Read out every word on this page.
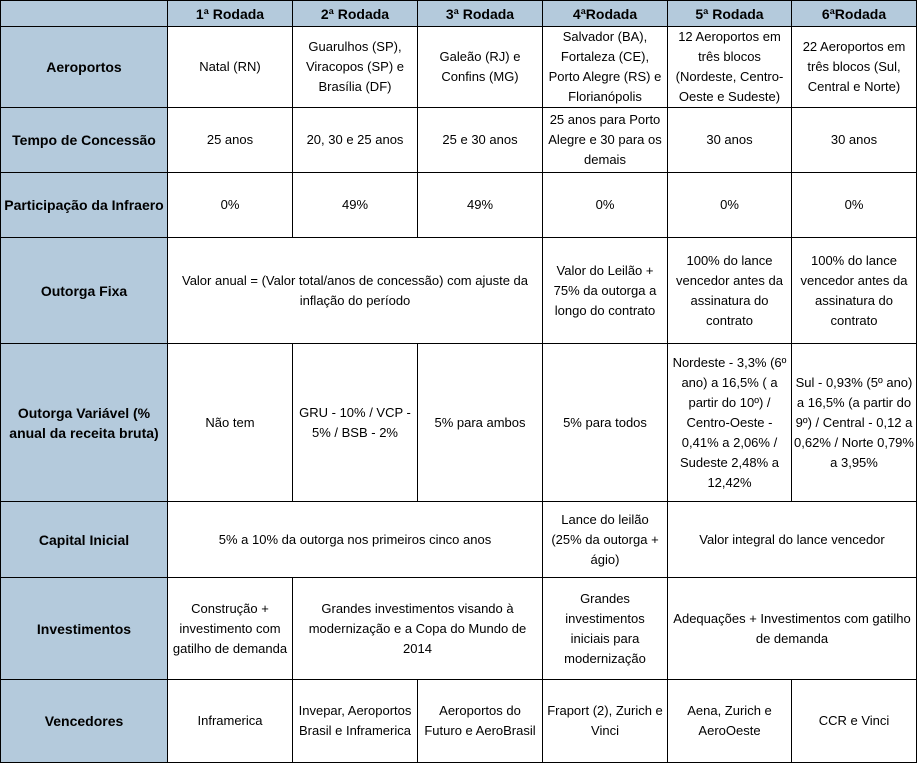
	1ª Rodada	2ª Rodada	3ª Rodada	4ªRodada	5ª Rodada	6ªRodada
Aeroportos	Natal (RN)	Guarulhos (SP), Viracopos (SP) e Brasília (DF)	Galeão (RJ) e Confins (MG)	Salvador (BA), Fortaleza (CE), Porto Alegre (RS) e Florianópolis	12 Aeroportos em três blocos (Nordeste, Centro-Oeste e Sudeste)	22 Aeroportos em três blocos (Sul, Central e Norte)
Tempo de Concessão	25 anos	20, 30 e 25 anos	25 e 30 anos	25 anos para Porto Alegre e 30 para os demais	30 anos	30 anos
Participação da Infraero	0%	49%	49%	0%	0%	0%
Outorga Fixa	Valor anual = (Valor total/anos de concessão) com ajuste da inflação do período			Valor do Leilão + 75% da outorga a longo do contrato	100% do lance vencedor antes da assinatura do contrato	100% do lance vencedor antes da assinatura do contrato
Outorga Variável (% anual da receita bruta)	Não tem	GRU - 10% / VCP - 5% / BSB - 2%	5% para ambos	5% para todos	Nordeste - 3,3% (6º ano) a 16,5% ( a partir do 10º) / Centro-Oeste - 0,41% a 2,06% / Sudeste 2,48% a 12,42%	Sul - 0,93% (5º ano) a 16,5% (a partir do 9º) / Central - 0,12 a 0,62% / Norte 0,79% a 3,95%
Capital Inicial	5% a 10% da outorga nos primeiros cinco anos			Lance do leilão (25% da outorga + ágio)	Valor integral do lance vencedor	
Investimentos	Construção + investimento com gatilho de demanda	Grandes investimentos visando à modernização e a Copa do Mundo de 2014		Grandes investimentos iniciais para modernização	Adequações + Investimentos com gatilho de demanda	
Vencedores	Inframerica	Invepar, Aeroportos Brasil e Inframerica	Aeroportos do Futuro e AeroBrasil	Fraport (2), Zurich e Vinci	Aena, Zurich e AeroOeste	CCR e Vinci
